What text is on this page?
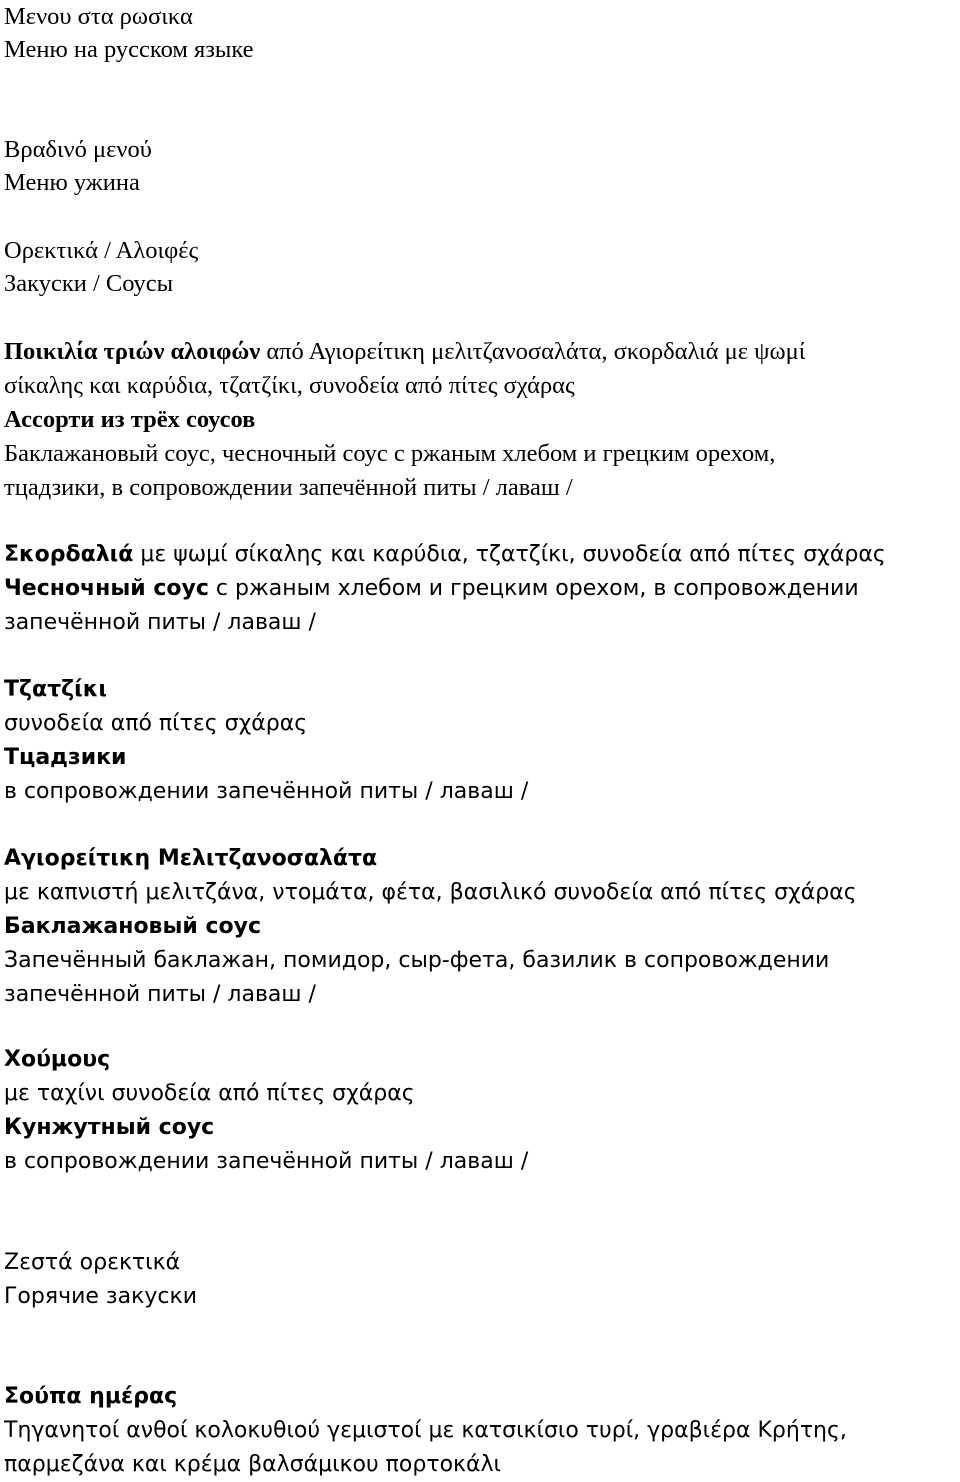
Μενου στα ρωσικα

Меню на русском языке

Βραδινό μενού

Меню ужина

Ορεκτικά / Αλοιφές

Закуски / Соусы

Ποικιλία τριών αλοιφών από Αγιορείτικη μελιτζανοσαλάτα, σκορδαλιά με ψωμί

σίκαλης και καρύδια, τζατζίκι, συνοδεία από πίτες σχάρας

Ассорти из трёх соусов

Баклажановый соус, чесночный соус с ржаным хлебом и грецким орехом,

тцадзики, в сопровождении запечённой питы / лаваш /

Σκορδαλιά με ψωμί σίκαλης και καρύδια, τζατζίκι, συνοδεία από πίτες σχάρας

Чесночный соус с ржаным хлебом и грецким орехом, в сопровождении

запечённой питы / лаваш /

Τζατζίκι

συνοδεία από πίτες σχάρας

Тцадзики

в сопровождении запечённой питы / лаваш /

Αγιορείτικη Μελιτζανοσαλάτα

με καπνιστή μελιτζάνα, ντομάτα, φέτα, βασιλικό συνοδεία από πίτες σχάρας

Баклажановый соус

Запечённый баклажан, помидор, сыр-фета, базилик в сопровождении

запечённой питы / лаваш /

Χούμους

με ταχίνι συνοδεία από πίτες σχάρας

Кунжутный соус

в сопровождении запечённой питы / лаваш /

Ζεστά ορεκτικά

Горячие закуски

Σούπα ημέρας

Τηγανητοί ανθοί κολοκυθιού γεμιστοί με κατσικίσιο τυρί, γραβιέρα Κρήτης,

παρμεζάνα και κρέμα βαλσάμικου πορτοκάλι
